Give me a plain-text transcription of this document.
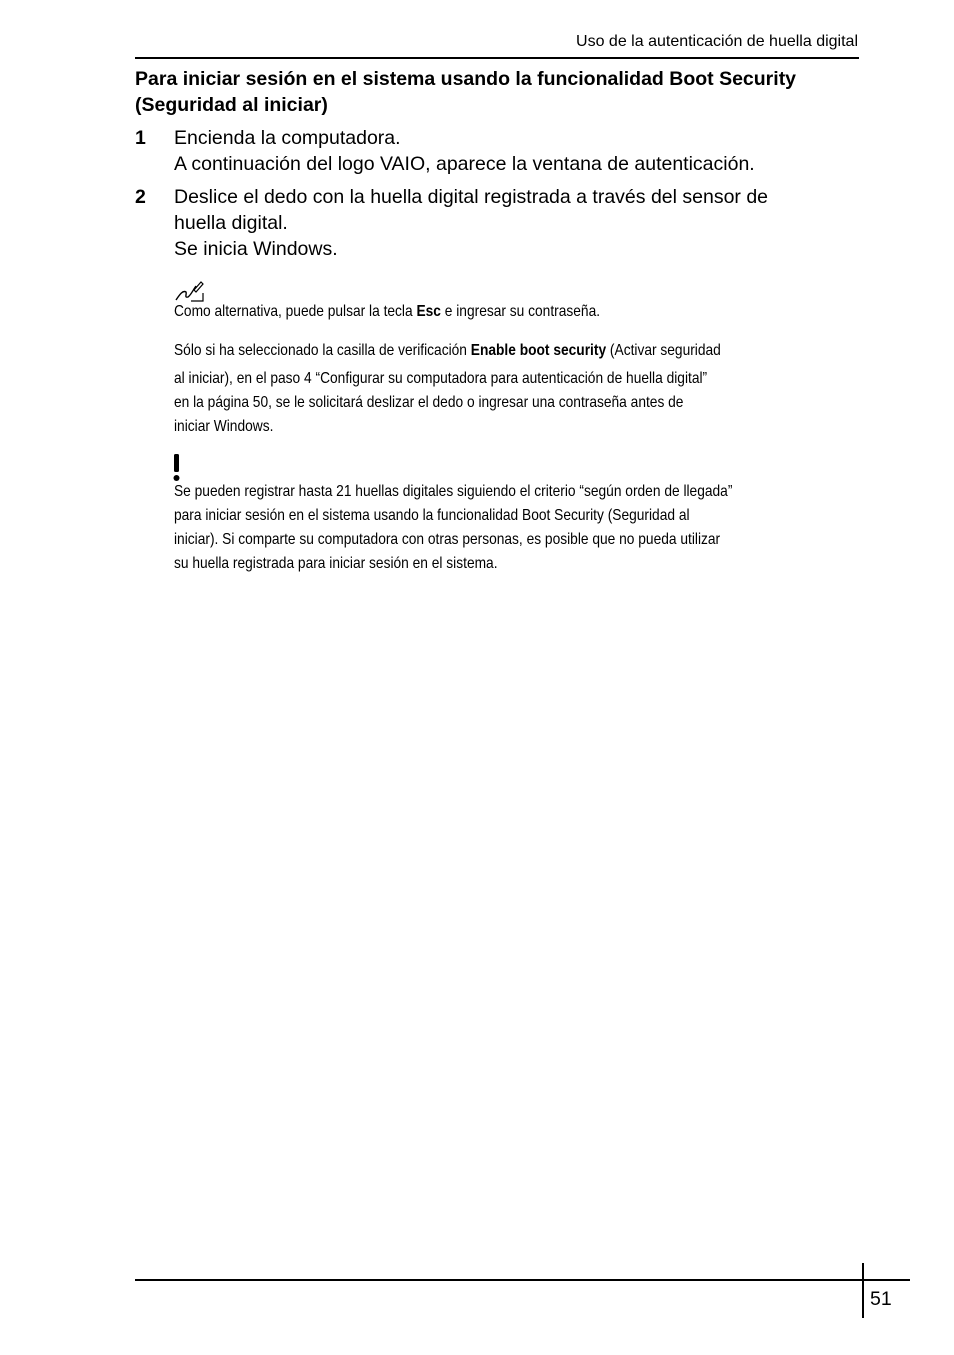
Uso de la autenticación de huella digital
Para iniciar sesión en el sistema usando la funcionalidad Boot Security
(Seguridad al iniciar)
1 Encienda la computadora.
A continuación del logo VAIO, aparece la ventana de autenticación.
2 Deslice el dedo con la huella digital registrada a través del sensor de
huella digital.
Se inicia Windows.
Como alternativa, puede pulsar la tecla Esc e ingresar su contraseña.
Sólo si ha seleccionado la casilla de verificación Enable boot security (Activar seguridad
al iniciar), en el paso 4 “Configurar su computadora para autenticación de huella digital”
en la página 50, se le solicitará deslizar el dedo o ingresar una contraseña antes de
iniciar Windows.
Se pueden registrar hasta 21 huellas digitales siguiendo el criterio “según orden de llegada”
para iniciar sesión en el sistema usando la funcionalidad Boot Security (Seguridad al
iniciar). Si comparte su computadora con otras personas, es posible que no pueda utilizar
su huella registrada para iniciar sesión en el sistema.
51
